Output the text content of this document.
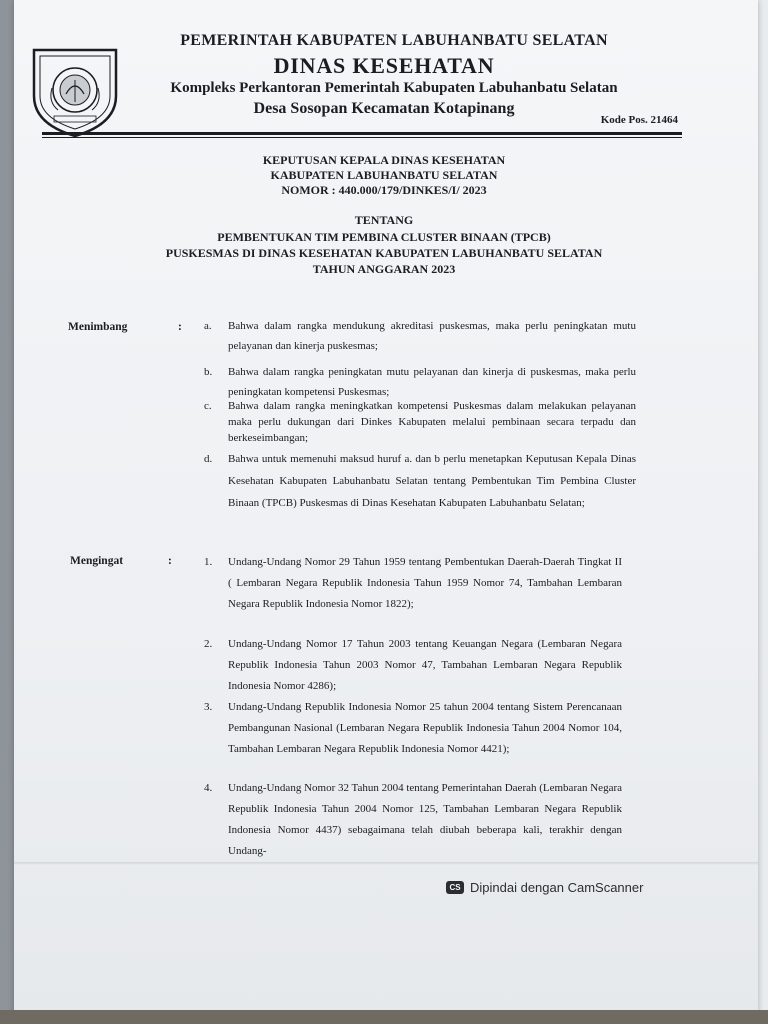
PEMERINTAH KABUPATEN LABUHANBATU SELATAN
DINAS KESEHATAN
Kompleks Perkantoran Pemerintah Kabupaten Labuhanbatu Selatan
Desa Sosopan Kecamatan Kotapinang
Kode Pos. 21464
KEPUTUSAN KEPALA DINAS KESEHATAN
KABUPATEN LABUHANBATU SELATAN
NOMOR : 440.000/179/DINKES/I/ 2023
TENTANG
PEMBENTUKAN TIM PEMBINA CLUSTER BINAAN (TPCB)
PUSKESMAS DI DINAS KESEHATAN KABUPATEN LABUHANBATU SELATAN
TAHUN ANGGARAN 2023
Menimbang	: a. Bahwa dalam rangka mendukung akreditasi puskesmas, maka perlu peningkatan mutu pelayanan dan kinerja puskesmas;
b. Bahwa dalam rangka peningkatan mutu pelayanan dan kinerja di puskesmas, maka perlu peningkatan kompetensi Puskesmas;
c. Bahwa dalam rangka meningkatkan kompetensi Puskesmas dalam melakukan pelayanan maka perlu dukungan dari Dinkes Kabupaten melalui pembinaan secara terpadu dan berkeseimbangan;
d. Bahwa untuk memenuhi maksud huruf a. dan b perlu menetapkan Keputusan Kepala Dinas Kesehatan Kabupaten Labuhanbatu Selatan tentang Pembentukan Tim Pembina Cluster Binaan (TPCB) Puskesmas di Dinas Kesehatan Kabupaten Labuhanbatu Selatan;
Mengingat	:	1. Undang-Undang Nomor 29 Tahun 1959 tentang Pembentukan Daerah-Daerah Tingkat II ( Lembaran Negara Republik Indonesia Tahun 1959 Nomor 74, Tambahan Lembaran Negara Republik Indonesia Nomor 1822);
2. Undang-Undang Nomor 17 Tahun 2003 tentang Keuangan Negara (Lembaran Negara Republik Indonesia Tahun 2003 Nomor 47, Tambahan Lembaran Negara Republik Indonesia Nomor 4286);
3. Undang-Undang Republik Indonesia Nomor 25 tahun 2004 tentang Sistem Perencanaan Pembangunan Nasional (Lembaran Negara Republik Indonesia Tahun 2004 Nomor 104, Tambahan Lembaran Negara Republik Indonesia Nomor 4421);
4. Undang-Undang Nomor 32 Tahun 2004 tentang Pemerintahan Daerah (Lembaran Negara Republik Indonesia Tahun 2004 Nomor 125, Tambahan Lembaran Negara Republik Indonesia Nomor 4437) sebagaimana telah diubah beberapa kali, terakhir dengan Undang-
CS Dipindai dengan CamScanner
